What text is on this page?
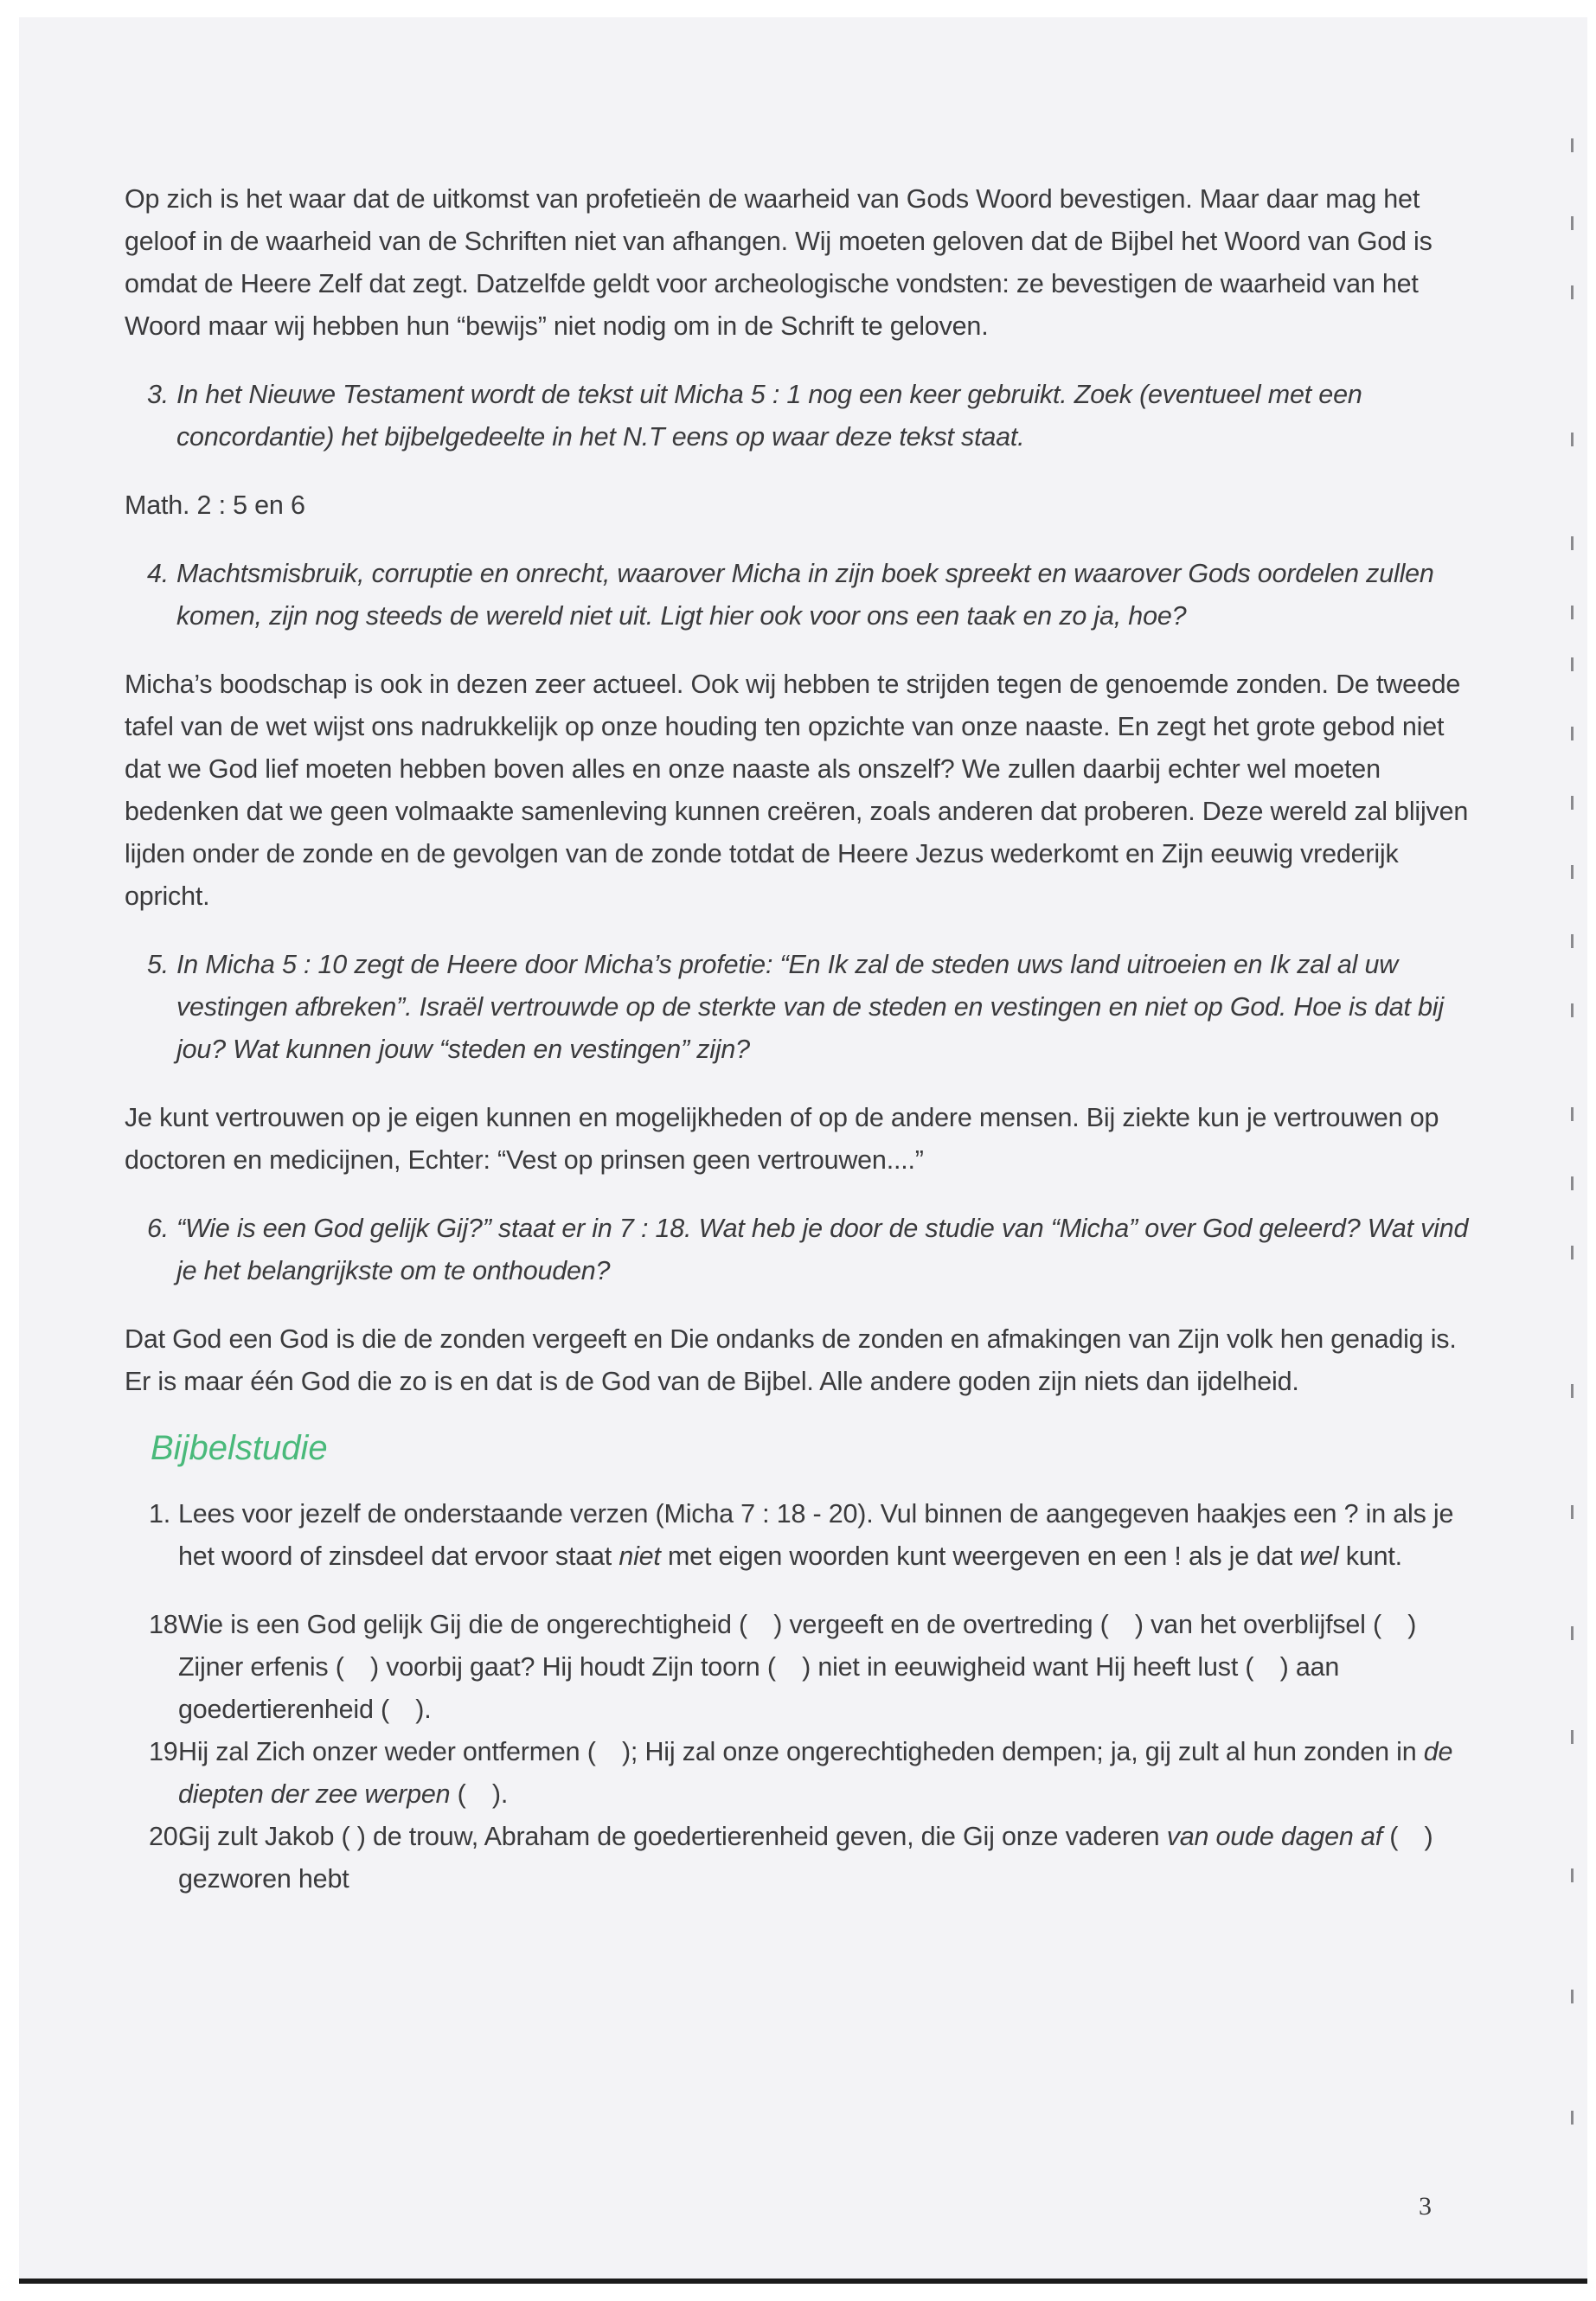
Op zich is het waar dat de uitkomst van profetieën de waarheid van Gods Woord bevestigen. Maar daar mag het geloof in de waarheid van de Schriften niet van afhangen. Wij moeten geloven dat de Bijbel het Woord van God is omdat de Heere Zelf dat zegt. Datzelfde geldt voor archeologische vondsten: ze bevestigen de waarheid van het Woord maar wij hebben hun “bewijs” niet nodig om in de Schrift te geloven.

3. In het Nieuwe Testament wordt de tekst uit Micha 5 : 1 nog een keer gebruikt. Zoek (eventueel met een concordantie) het bijbelgedeelte in het N.T eens op waar deze tekst staat.

Math. 2 : 5 en 6

4. Machtsmisbruik, corruptie en onrecht, waarover Micha in zijn boek spreekt en waarover Gods oordelen zullen komen, zijn nog steeds de wereld niet uit. Ligt hier ook voor ons een taak en zo ja, hoe?

Micha’s boodschap is ook in dezen zeer actueel. Ook wij hebben te strijden tegen de genoemde zonden. De tweede tafel van de wet wijst ons nadrukkelijk op onze houding ten opzichte van onze naaste. En zegt het grote gebod niet dat we God lief moeten hebben boven alles en onze naaste als onszelf? We zullen daarbij echter wel moeten bedenken dat we geen volmaakte samenleving kunnen creëren, zoals anderen dat proberen. Deze wereld zal blijven lijden onder de zonde en de gevolgen van de zonde totdat de Heere Jezus wederkomt en Zijn eeuwig vrederijk opricht.

5. In Micha 5 : 10 zegt de Heere door Micha’s profetie: “En Ik zal de steden uws land uitroeien en Ik zal al uw vestingen afbreken”. Israël vertrouwde op de sterkte van de steden en vestingen en niet op God. Hoe is dat bij jou? Wat kunnen jouw “steden en vestingen” zijn?

Je kunt vertrouwen op je eigen kunnen en mogelijkheden of op de andere mensen. Bij ziekte kun je vertrouwen op doctoren en medicijnen, Echter: “Vest op prinsen geen vertrouwen....”

6. “Wie is een God gelijk Gij?” staat er in 7 : 18. Wat heb je door de studie van “Micha” over God geleerd? Wat vind je het belangrijkste om te onthouden?

Dat God een God is die de zonden vergeeft en Die ondanks de zonden en afmakingen van Zijn volk hen genadig is. Er is maar één God die zo is en dat is de God van de Bijbel. Alle andere goden zijn niets dan ijdelheid.

Bijbelstudie

1. Lees voor jezelf de onderstaande verzen (Micha 7 : 18 - 20). Vul binnen de aangegeven haakjes een ? in als je het woord of zinsdeel dat ervoor staat niet met eigen woorden kunt weergeven en een ! als je dat wel kunt.

18 Wie is een God gelijk Gij die de ongerechtigheid ( ) vergeeft en de overtreding ( ) van het overblijfsel ( ) Zijner erfenis ( ) voorbij gaat? Hij houdt Zijn toorn ( ) niet in eeuwigheid want Hij heeft lust ( ) aan goedertierenheid ( ).

19.
Hij zal Zich onzer weder ontfermen ( ); Hij zal onze ongerechtigheden dempen; ja, gij zult al hun zonden in de diepten der zee werpen ( ).

20.
Gij zult Jakob ( ) de trouw, Abraham de goedertierenheid geven, die Gij onze vaderen van oude dagen af ( ) gezworen hebt

3
